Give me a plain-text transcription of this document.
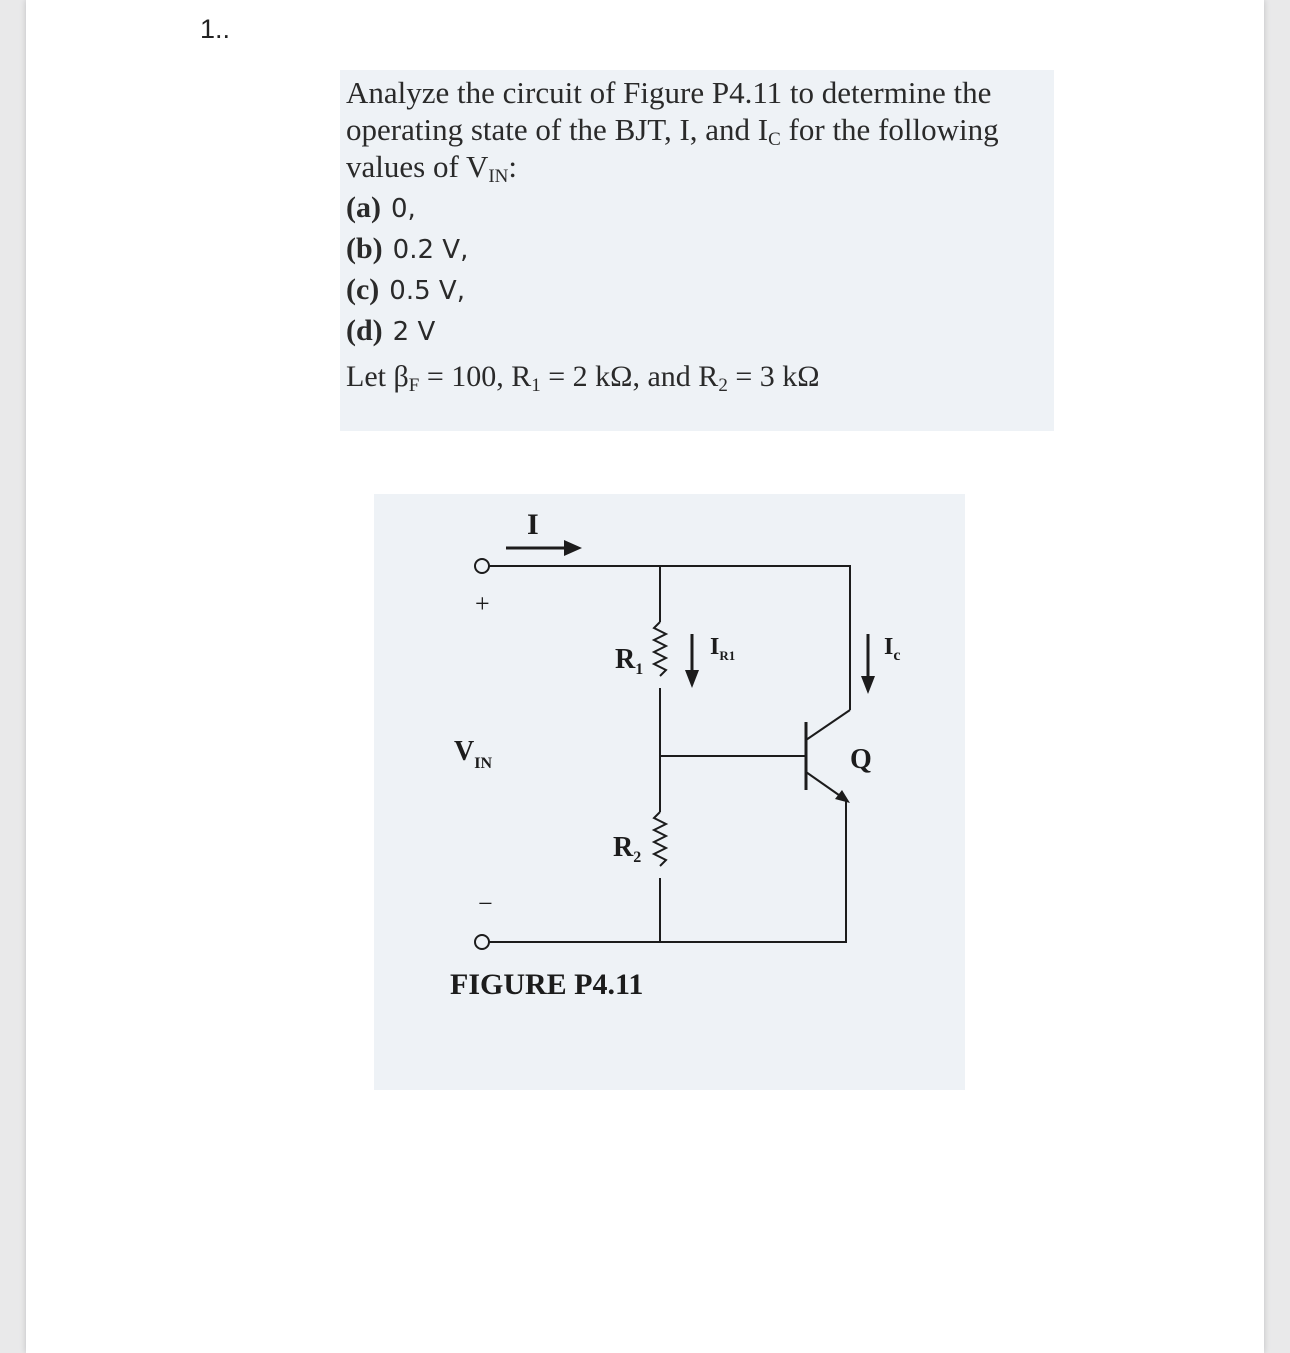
1..
Analyze the circuit of Figure P4.11 to determine the
operating state of the BJT, I, and $I_C$ for the following
values of $V_{IN}$:
(a) 0,
(b) 0.2 V,
(c) 0.5 V,
(d) 2 V
Let $\beta_F = 100$, $R_1 = 2$ kΩ, and $R_2 = 3$ kΩ
I
+
−
$V_{IN}$
$R_1$
$R_2$
$I_{R1}$	$I_c$
Q
FIGURE P4.11
